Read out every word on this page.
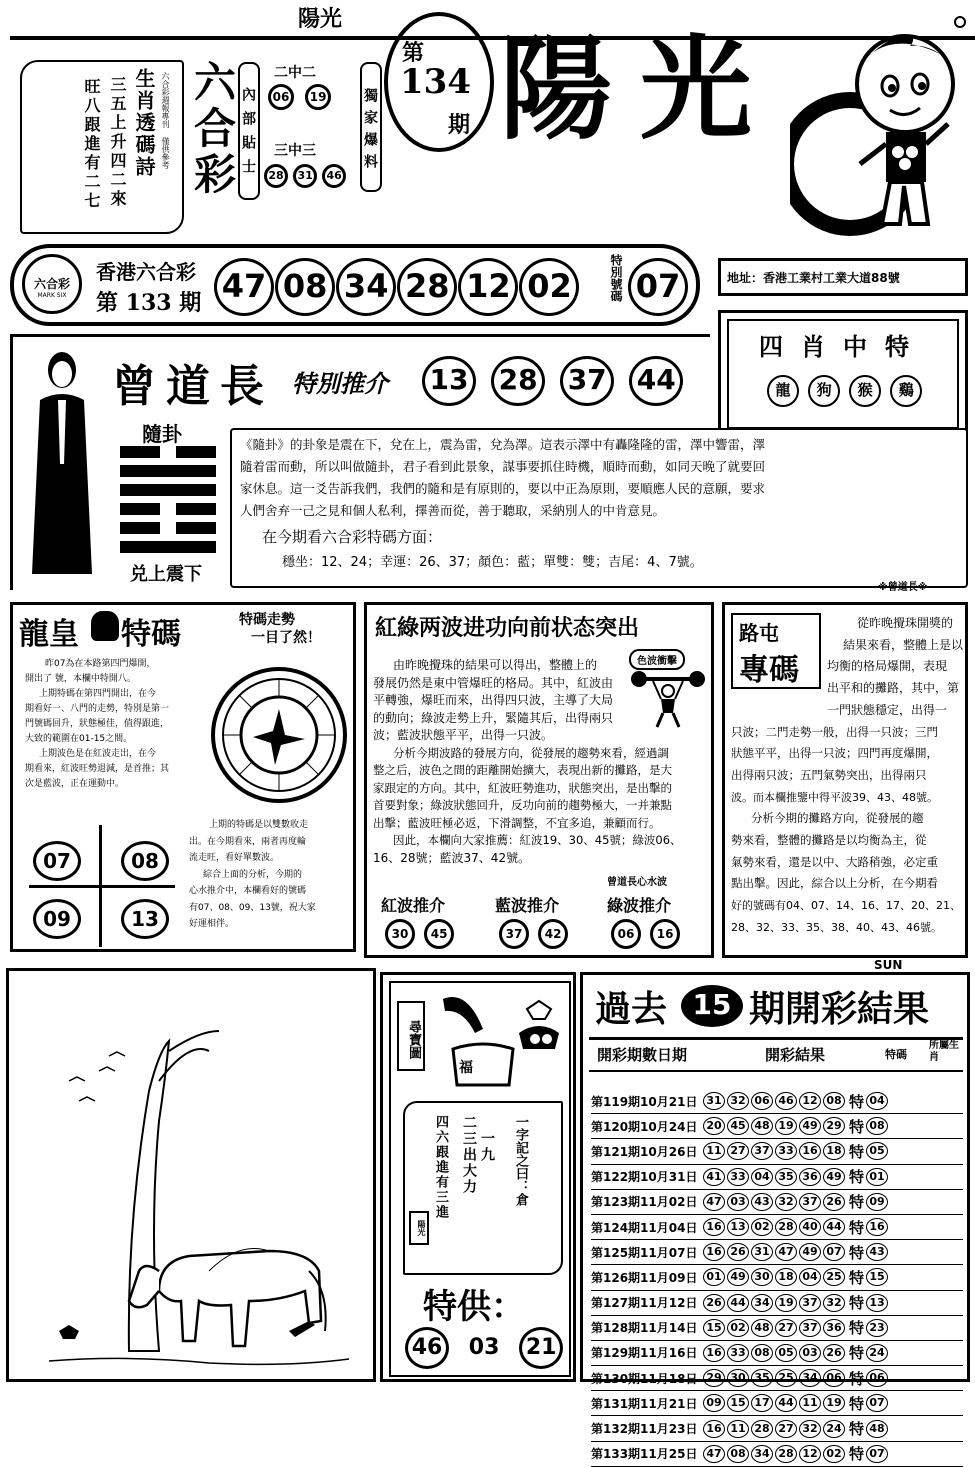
陽光
旺八跟進有二七 三五上升四二來 生肖透碼詩 六合彩週報專刊 僅供參考 六合彩 內部貼士
二中二
06 19
三中三
28 31 46	獨家爆料
第
134
期 陽光
六合彩
MARK SIX
香港六合彩
第 133 期 47 08 34 28 12 02	特別號碼 07	地址：香港工業村工業大道88號
四肖中特
龍 狗 猴 鷄
曾道長 特別推介 13 28 37 44
隨卦
兑上震下
《隨卦》的卦象是震在下，兌在上，震為雷，兌為澤。這表示澤中有轟隆隆的雷，澤中響雷，澤
隨着雷而動，所以叫做隨卦，君子看到此景象，謀事要抓住時機，順時而動，如同天晚了就要回
家休息。這一爻告訴我們，我們的隨和是有原則的，要以中正為原則，要順應人民的意願，要求
人們舍弃一己之見和個人私利，擇善而從，善于聽取，采納別人的中肯意見。
在今期看六合彩特碼方面：
穩坐：12、24；幸運：26、37；顏色：藍；單雙：雙；吉尾：4、7號。
※曾道長※
龍皇 特碼	特碼走勢
一目了然！
昨07為在本路第四門爆開，
開出了 號，本欄中特開八。
上期特碼在第四門開出，在今
期看好一、八門的走勢，特別是第一
門號碼回升，狀態極佳，值得跟進，
大致的範圍在01-15之間。
上期波色是在紅波走出，在今
期看來，紅波旺勢退減，是首推；其
次是藍波，正在運動中。
07	08
09	13
上期的特碼是以雙數收走
出。在今期看來，兩者再度輪
流走旺，看好單數波。
綜合上面的分析，今期的
心水推介中，本欄看好的號碼
有07、08、09、13號，祝大家
好運相伴。
紅綠两波进功向前状态突出
色波衝擊
由昨晚攪珠的結果可以得出，整體上的
發展仍然是東中管爆旺的格局。其中，紅波由
平轉強，爆旺而來，出得四只波，主導了大局
的動向；綠波走勢上升，緊隨其后，出得兩只
波；藍波狀態平平，出得一只波。
分析今期波路的發展方向，從發展的趨勢來看，經過調
整之后，波色之間的距離開始擴大，表現出新的攤路，是大
家跟定的方向。其中，紅波旺勢進功，狀態突出，是出擊的
首要對象；綠波狀態回升，反功向前的趨勢極大，一并兼點
出擊；藍波旺極必返，下滑調整，不宜多追，兼顧而行。
因此，本欄向大家推薦：紅波19、30、45號；綠波06、
16、28號；藍波37、42號。
曾道長心水波
紅波推介	藍波推介	綠波推介
30 45	37 42	06 16
路屯
專碼
從昨晚攪珠開獎的
結果來看，整體上是以
均衡的格局爆開，表現
出平和的攤路，其中，第
一門狀態穩定，出得一
只波；二門走勢一般，出得一只波；三門
狀態平平，出得一只波；四門再度爆開，
出得兩只波；五門氣勢突出，出得兩只
波。而本欄推鑒中得平波39、43、48號。
分析今期的攤路方向，從發展的趨
勢來看，整體的攤路是以均衡為主，從
氣勢來看，還是以中、大路稍強，必定重
點出擊。因此，綜合以上分析，在今期看
好的號碼有04、07、14、16、17、20、21、
28、32、33、35、38、40、43、46號。
SUN
尋寶圖
福
四六跟進有三進 二三出大力 一九 一字記之曰：倉
陽光
特供：
46 03 21
過去 15 期開彩結果
開彩期數日期	開彩結果	特碼
所屬生肖
第119期10月21日 31 32 06 46 12 08 特 04
第120期10月24日 20 45 48 19 49 29 特 08
第121期10月26日 11 27 37 33 16 18 特 05
第122期10月31日 41 33 04 35 36 49 特 01
第123期11月02日 47 03 43 32 37 26 特 09
第124期11月04日 16 13 02 28 40 44 特 16
第125期11月07日 16 26 31 47 49 07 特 43
第126期11月09日 01 49 30 18 04 25 特 15
第127期11月12日 26 44 34 19 37 32 特 13
第128期11月14日 15 02 48 27 37 36 特 23
第129期11月16日 16 33 08 05 03 26 特 24
第130期11月18日 29 30 35 25 34 06 特 06
第131期11月21日 09 15 17 44 11 19 特 07
第132期11月23日 16 11 28 27 32 24 特 48
第133期11月25日 47 08 34 28 12 02 特 07
